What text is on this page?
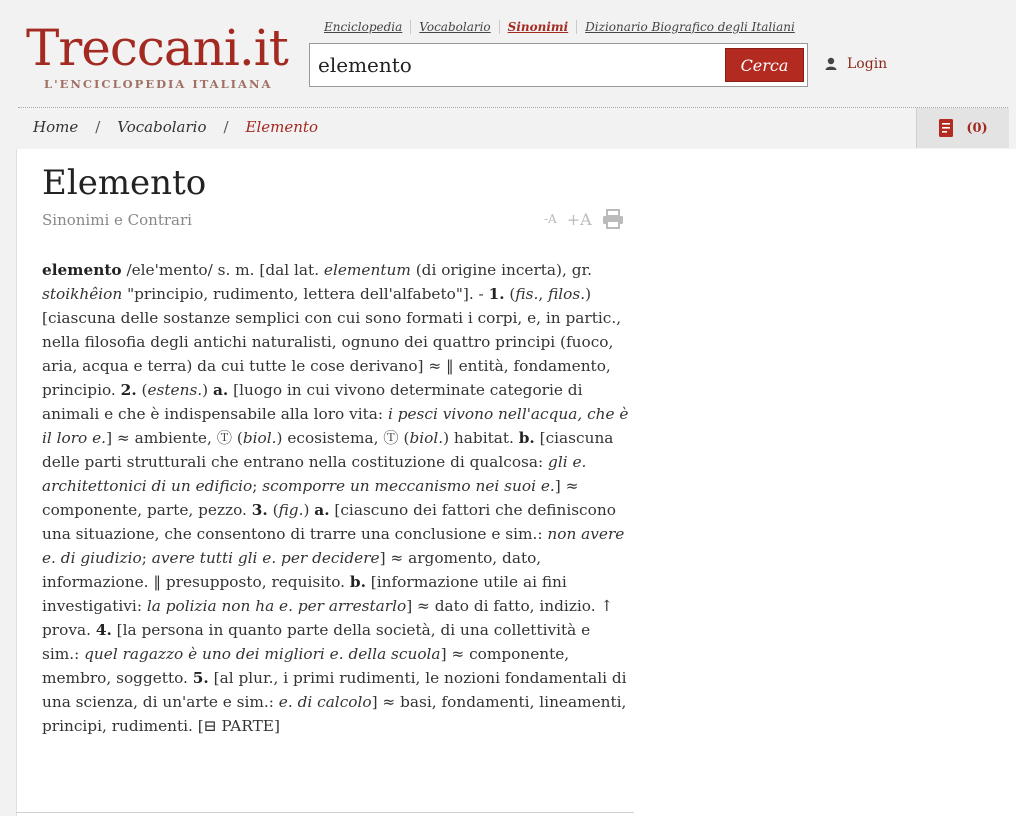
Treccani.it
L'ENCICLOPEDIA ITALIANA
Enciclopedia	Vocabolario	Sinonimi	Dizionario Biografico degli Italiani
elemento
Cerca	Login
Home / Vocabolario / Elemento	(0)
Elemento
Sinonimi e Contrari	-A +A
elemento /ele'mento/ s. m. [dal lat. elementum (di origine incerta), gr. stoikhêion "principio, rudimento, lettera dell'alfabeto"]. - 1. (fis., filos.) [ciascuna delle sostanze semplici con cui sono formati i corpi, e, in partic., nella filosofia degli antichi naturalisti, ognuno dei quattro principi (fuoco, aria, acqua e terra) da cui tutte le cose derivano] ≈ ‖ entità, fondamento, principio. 2. (estens.) a. [luogo in cui vivono determinate categorie di animali e che è indispensabile alla loro vita: i pesci vivono nell'acqua, che è il loro e.] ≈ ambiente, Ⓣ (biol.) ecosistema, Ⓣ (biol.) habitat. b. [ciascuna delle parti strutturali che entrano nella costituzione di qualcosa: gli e. architettonici di un edificio; scomporre un meccanismo nei suoi e.] ≈ componente, parte, pezzo. 3. (fig.) a. [ciascuno dei fattori che definiscono una situazione, che consentono di trarre una conclusione e sim.: non avere e. di giudizio; avere tutti gli e. per decidere] ≈ argomento, dato, informazione. ‖ presupposto, requisito. b. [informazione utile ai fini investigativi: la polizia non ha e. per arrestarlo] ≈ dato di fatto, indizio. ↑ prova. 4. [la persona in quanto parte della società, di una collettività e sim.: quel ragazzo è uno dei migliori e. della scuola] ≈ componente, membro, soggetto. 5. [al plur., i primi rudimenti, le nozioni fondamentali di una scienza, di un'arte e sim.: e. di calcolo] ≈ basi, fondamenti, lineamenti, principi, rudimenti. [⊟ PARTE]
